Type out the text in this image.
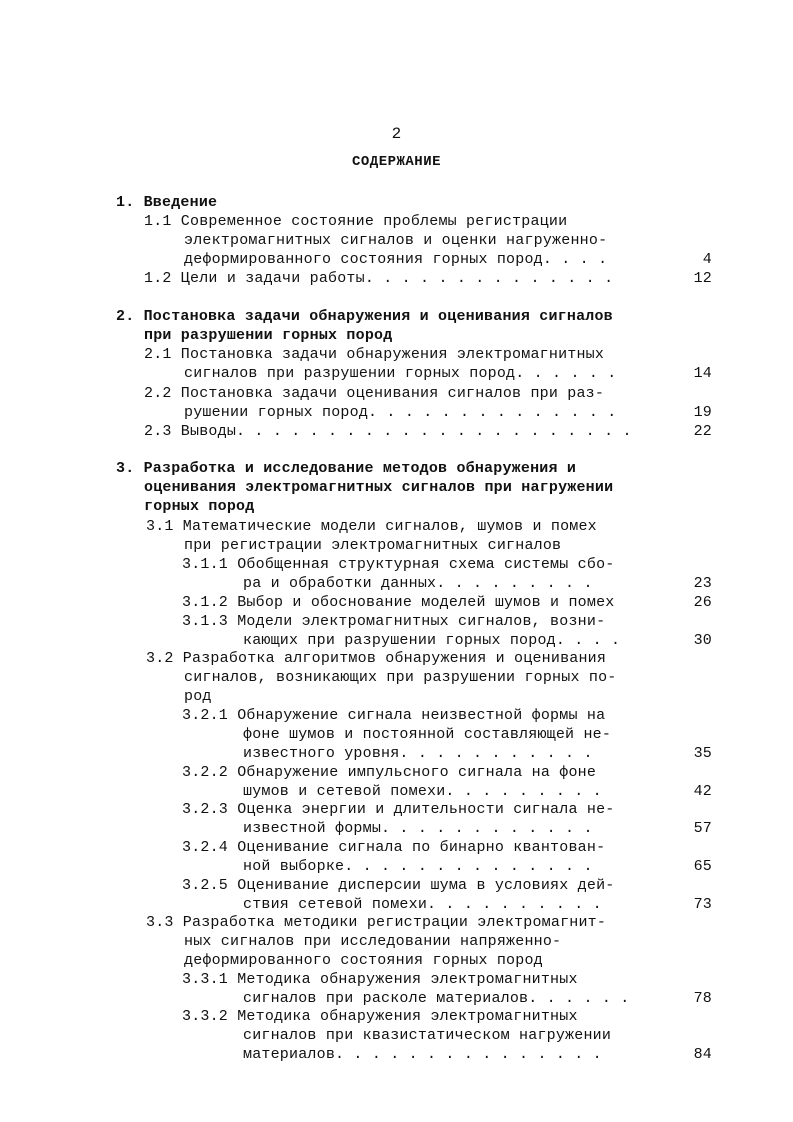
2
СОДЕРЖАНИЕ
1. Введение
1.1 Современное состояние проблемы регистрации
электромагнитных сигналов и оценки нагруженно-
деформированного состояния горных пород. . . .	4
1.2 Цели и задачи работы. . . . . . . . . . . . . .	12
2. Постановка задачи обнаружения и оценивания сигналов
при разрушении горных пород
2.1 Постановка задачи обнаружения электромагнитных
сигналов при разрушении горных пород. . . . . .	14
2.2 Постановка задачи оценивания сигналов при раз-
рушении горных пород. . . . . . . . . . . . . .	19
2.3 Выводы. . . . . . . . . . . . . . . . . . . . . .	22
3. Разработка и исследование методов обнаружения и
оценивания электромагнитных сигналов при нагружении
горных пород
3.1 Математические модели сигналов, шумов и помех
при регистрации электромагнитных сигналов
3.1.1 Обобщенная структурная схема системы сбо-
ра и обработки данных. . . . . . . . .	23
3.1.2 Выбор и обоснование моделей шумов и помех	26
3.1.3 Модели электромагнитных сигналов, возни-
кающих при разрушении горных пород. . . .	30
3.2 Разработка алгоритмов обнаружения и оценивания
сигналов, возникающих при разрушении горных по-
род
3.2.1 Обнаружение сигнала неизвестной формы на
фоне шумов и постоянной составляющей не-
известного уровня. . . . . . . . . . .	35
3.2.2 Обнаружение импульсного сигнала на фоне
шумов и сетевой помехи. . . . . . . . .	42
3.2.3 Оценка энергии и длительности сигнала не-
известной формы. . . . . . . . . . . .	57
3.2.4 Оценивание сигнала по бинарно квантован-
ной выборке. . . . . . . . . . . . . .	65
3.2.5 Оценивание дисперсии шума в условиях дей-
ствия сетевой помехи. . . . . . . . . .	73
3.3 Разработка методики регистрации электромагнит-
ных сигналов при исследовании напряженно-
деформированного состояния горных пород
3.3.1 Методика обнаружения электромагнитных
сигналов при расколе материалов. . . . . .	78
3.3.2 Методика обнаружения электромагнитных
сигналов при квазистатическом нагружении
материалов. . . . . . . . . . . . . . .	84
